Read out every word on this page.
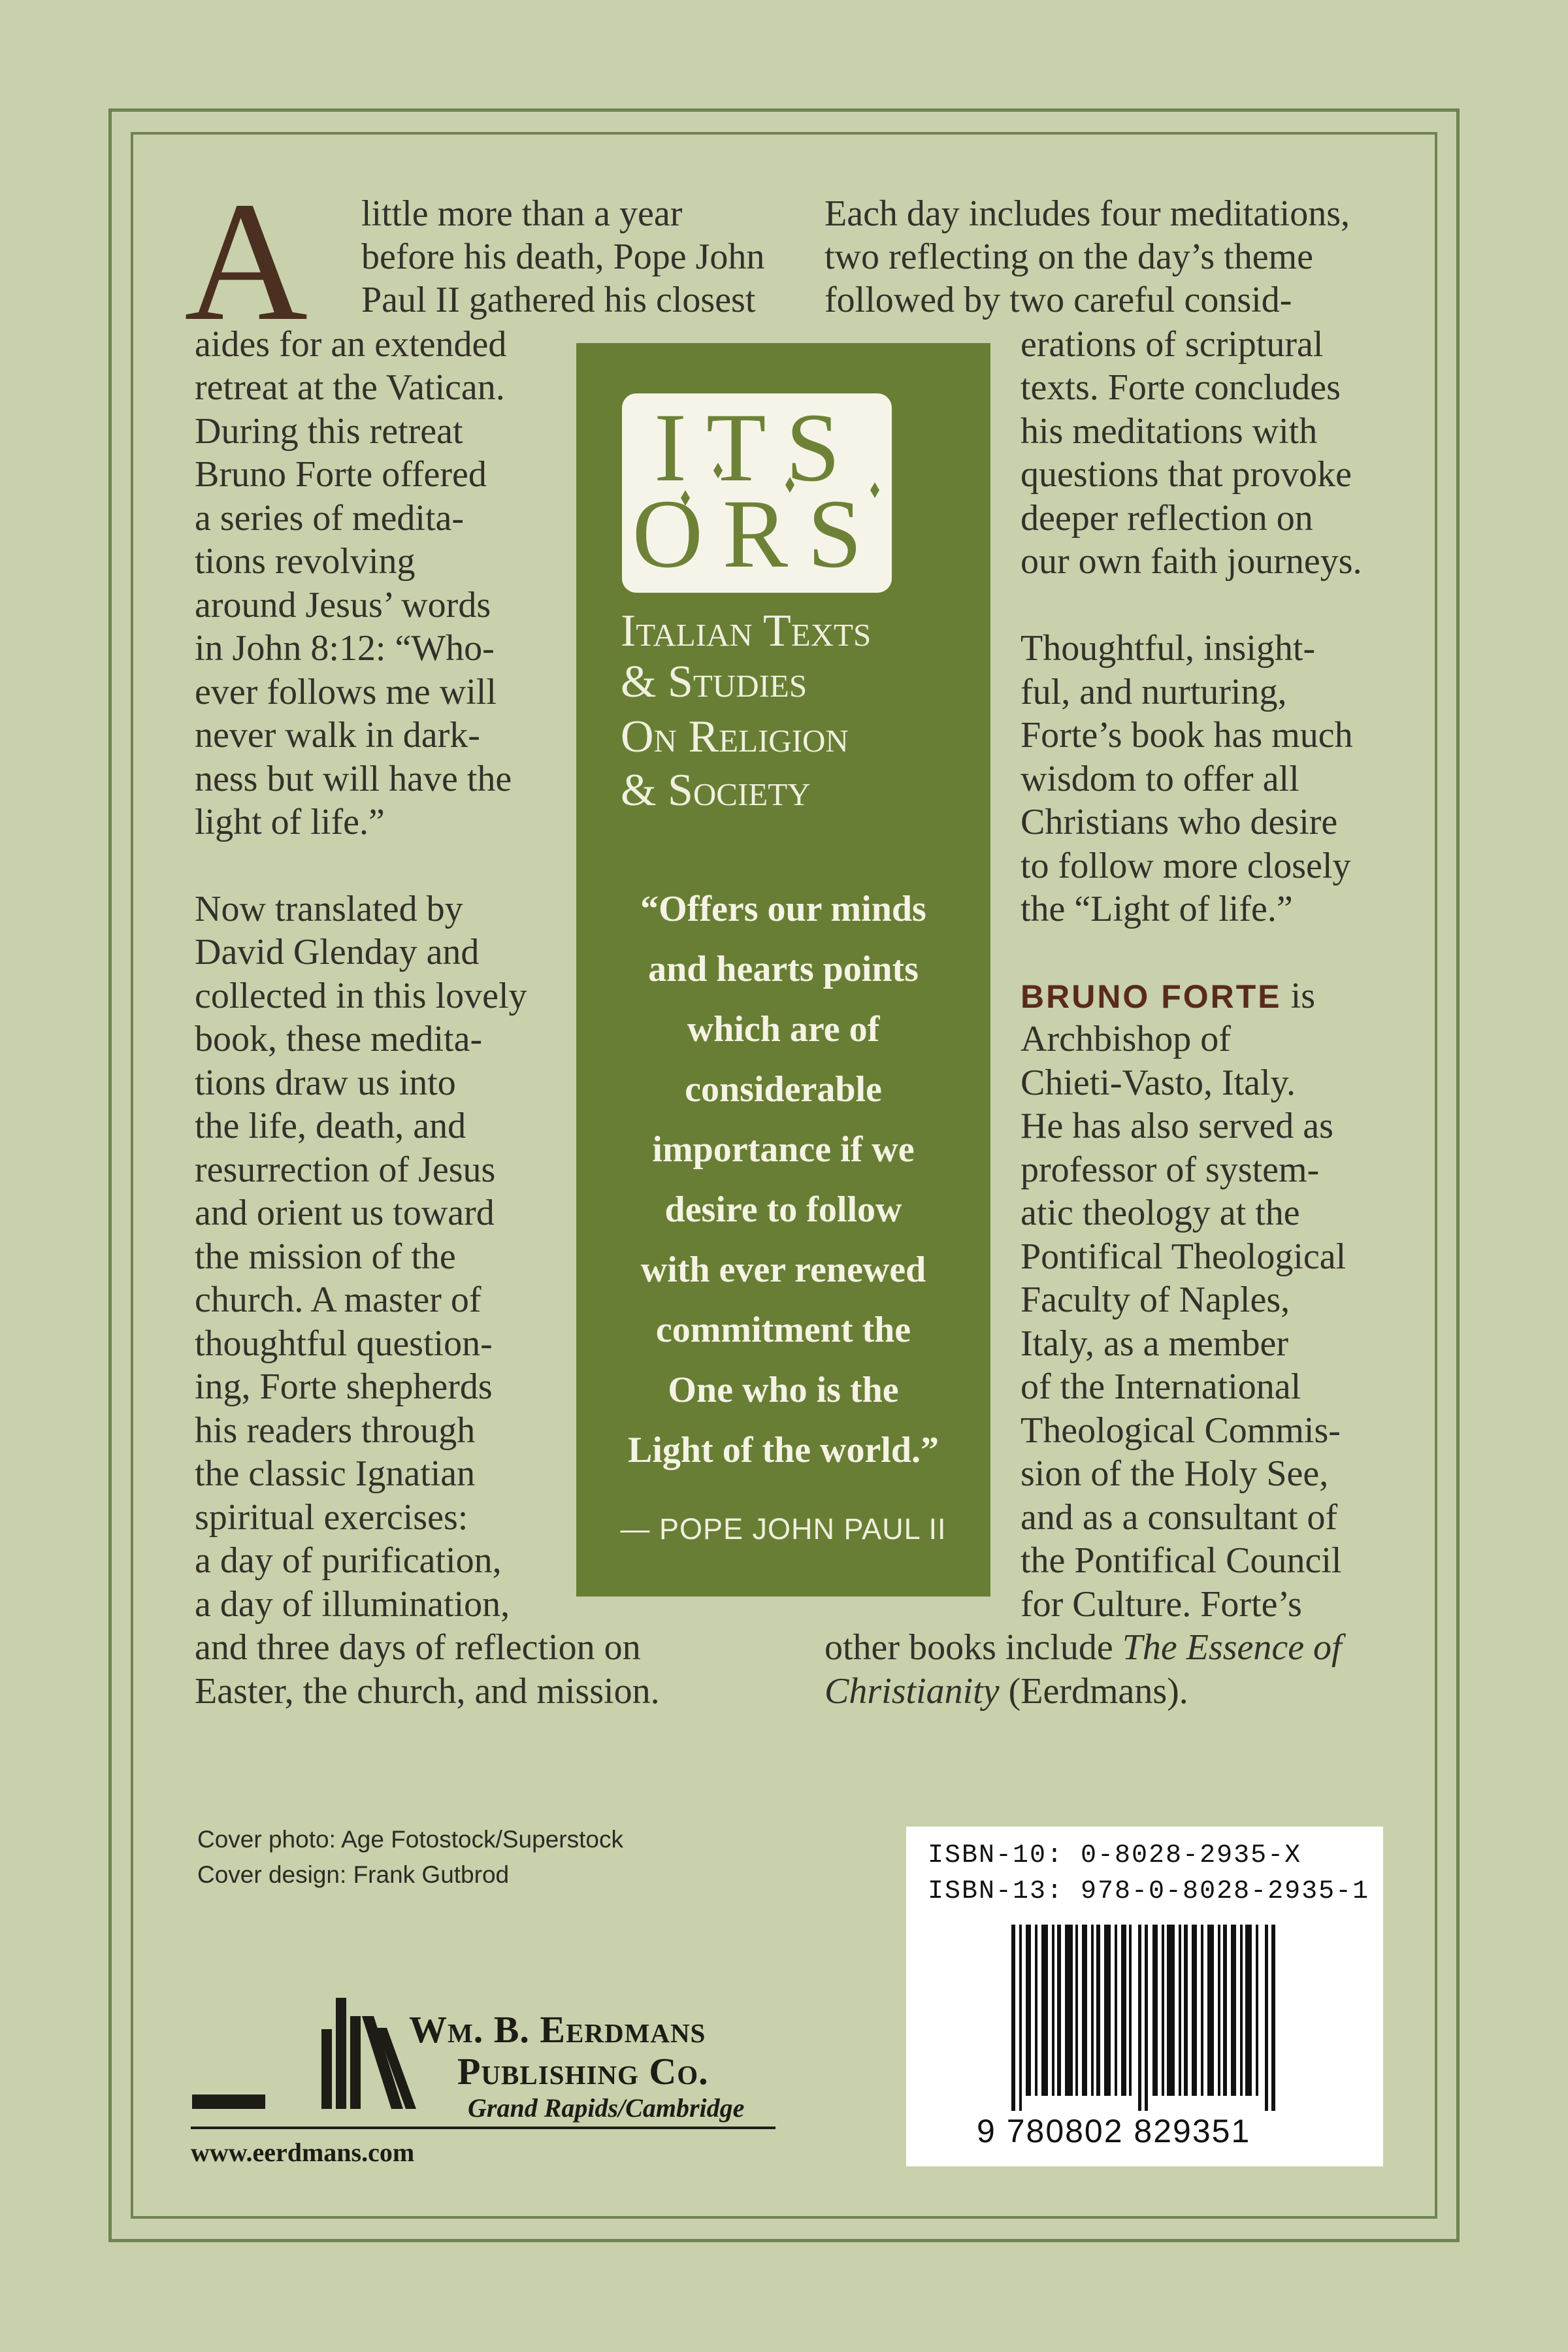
A little more than a year
before his death, Pope John
Paul II gathered his closest
aides for an extended
retreat at the Vatican.
During this retreat
Bruno Forte offered
a series of medita-
tions revolving
around Jesus’ words
in John 8:12: “Who-
ever follows me will
never walk in dark-
ness but will have the
light of life.”
Now translated by
David Glenday and
collected in this lovely
book, these medita-
tions draw us into
the life, death, and
resurrection of Jesus
and orient us toward
the mission of the
church. A master of
thoughtful question-
ing, Forte shepherds
his readers through
the classic Ignatian
spiritual exercises:
a day of purification,
a day of illumination,
and three days of reflection on
Easter, the church, and mission.
ITS
ORS
Italian Texts
& Studies
On Religion
& Society
“Offers our minds
and hearts points
which are of
considerable
importance if we
desire to follow
with ever renewed
commitment the
One who is the
Light of the world.”
— POPE JOHN PAUL II
Each day includes four meditations,
two reflecting on the day’s theme
followed by two careful consid-
erations of scriptural
texts. Forte concludes
his meditations with
questions that provoke
deeper reflection on
our own faith journeys.
Thoughtful, insight-
ful, and nurturing,
Forte’s book has much
wisdom to offer all
Christians who desire
to follow more closely
the “Light of life.”
BRUNO FORTE is
Archbishop of
Chieti-Vasto, Italy.
He has also served as
professor of system-
atic theology at the
Pontifical Theological
Faculty of Naples,
Italy, as a member
of the International
Theological Commis-
sion of the Holy See,
and as a consultant of
the Pontifical Council
for Culture. Forte’s
other books include The Essence of
Christianity (Eerdmans).
Cover photo: Age Fotostock/Superstock
Cover design: Frank Gutbrod
Wm. B. Eerdmans
Publishing Co.
Grand Rapids/Cambridge
www.eerdmans.com
ISBN-10: 0-8028-2935-X
ISBN-13: 978-0-8028-2935-1
9 780802 829351
